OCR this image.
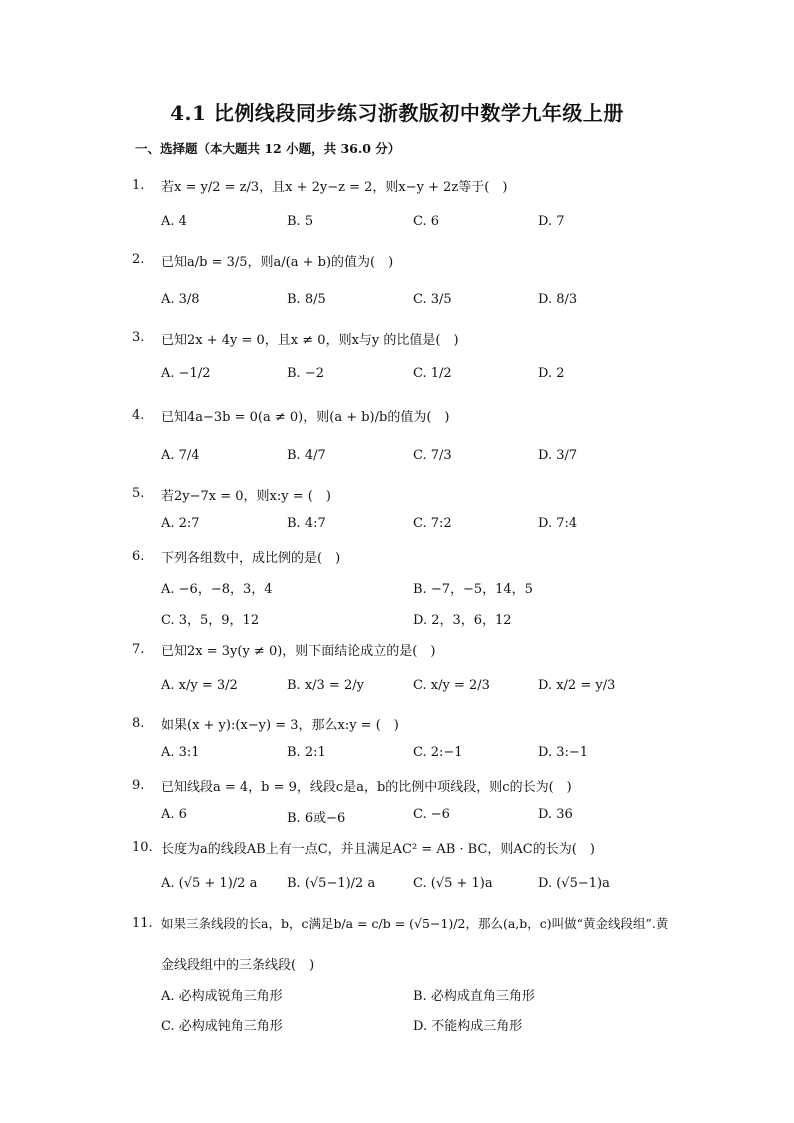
4.1 比例线段同步练习浙教版初中数学九年级上册
一、选择题（本大题共 12 小题，共 36.0 分）
1. 若x = y/2 = z/3，且x + 2y−z = 2，则x−y + 2z等于(　)
A. 4	B. 5	C. 6	D. 7
2. 已知a/b = 3/5，则a/(a + b)的值为(　)
A. 3/8	B. 8/5	C. 3/5	D. 8/3
3. 已知2x + 4y = 0，且x ≠ 0，则x与y 的比值是(　)
A. −1/2	B. −2	C. 1/2	D. 2
4. 已知4a−3b = 0(a ≠ 0)，则(a + b)/b的值为(　)
A. 7/4	B. 4/7	C. 7/3	D. 3/7
5. 若2y−7x = 0，则x:y = (　)
A. 2:7	B. 4:7	C. 7:2	D. 7:4
6. 下列各组数中，成比例的是(　)
A. −6，−8，3，4	B. −7，−5，14，5
C. 3，5，9，12	D. 2，3，6，12
7. 已知2x = 3y(y ≠ 0)，则下面结论成立的是(　)
A. x/y = 3/2	B. x/3 = 2/y	C. x/y = 2/3	D. x/2 = y/3
8. 如果(x + y):(x−y) = 3，那么x:y = (　)
A. 3:1	B. 2:1	C. 2:−1	D. 3:−1
9. 已知线段a = 4，b = 9，线段c是a，b的比例中项线段，则c的长为(　)
A. 6	B. 6或−6	C. −6	D. 36
10. 长度为a的线段AB上有一点C，并且满足AC² = AB · BC，则AC的长为(　)
A. (√5 + 1)/2 a B. (√5−1)/2 a	C. (√5 + 1)a	D. (√5−1)a
11. 如果三条线段的长a，b，c满足b/a = c/b = (√5−1)/2，那么(a,b，c)叫做“黄金线段组”.黄
金线段组中的三条线段(　)
A. 必构成锐角三角形	B. 必构成直角三角形
C. 必构成钝角三角形	D. 不能构成三角形
